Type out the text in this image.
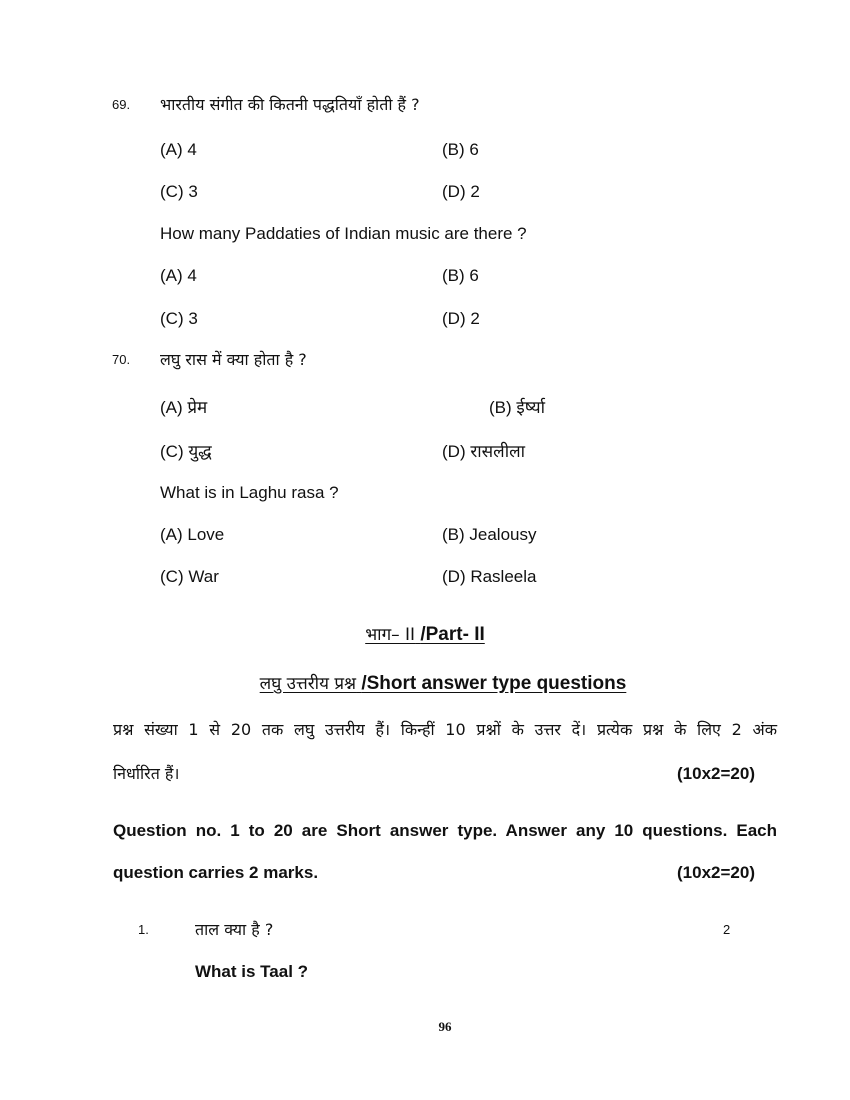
69. भारतीय संगीत की कितनी पद्धतियाँ होती हैं ?
(A) 4	(B) 6
(C) 3	(D) 2
How many Paddaties of Indian music are there ?
(A) 4	(B) 6
(C) 3	(D) 2
70. लघु रास में क्या होता है ?
(A) प्रेम	(B) ईर्ष्या
(C) युद्ध	(D) रासलीला
What is in Laghu rasa ?
(A) Love	(B) Jealousy
(C) War	(D) Rasleela
भाग– II /Part- II
लघु उत्तरीय प्रश्न /Short answer type questions
प्रश्न संख्या 1 से 20 तक लघु उत्तरीय हैं। किन्हीं 10 प्रश्नों के उत्तर दें। प्रत्येक प्रश्न के लिए 2 अंक
निर्धारित हैं।	(10x2=20)
Question no. 1 to 20 are Short answer type. Answer any 10 questions. Each
question carries 2 marks.	(10x2=20)
1.	ताल क्या है ?	2
What is Taal ?
96
